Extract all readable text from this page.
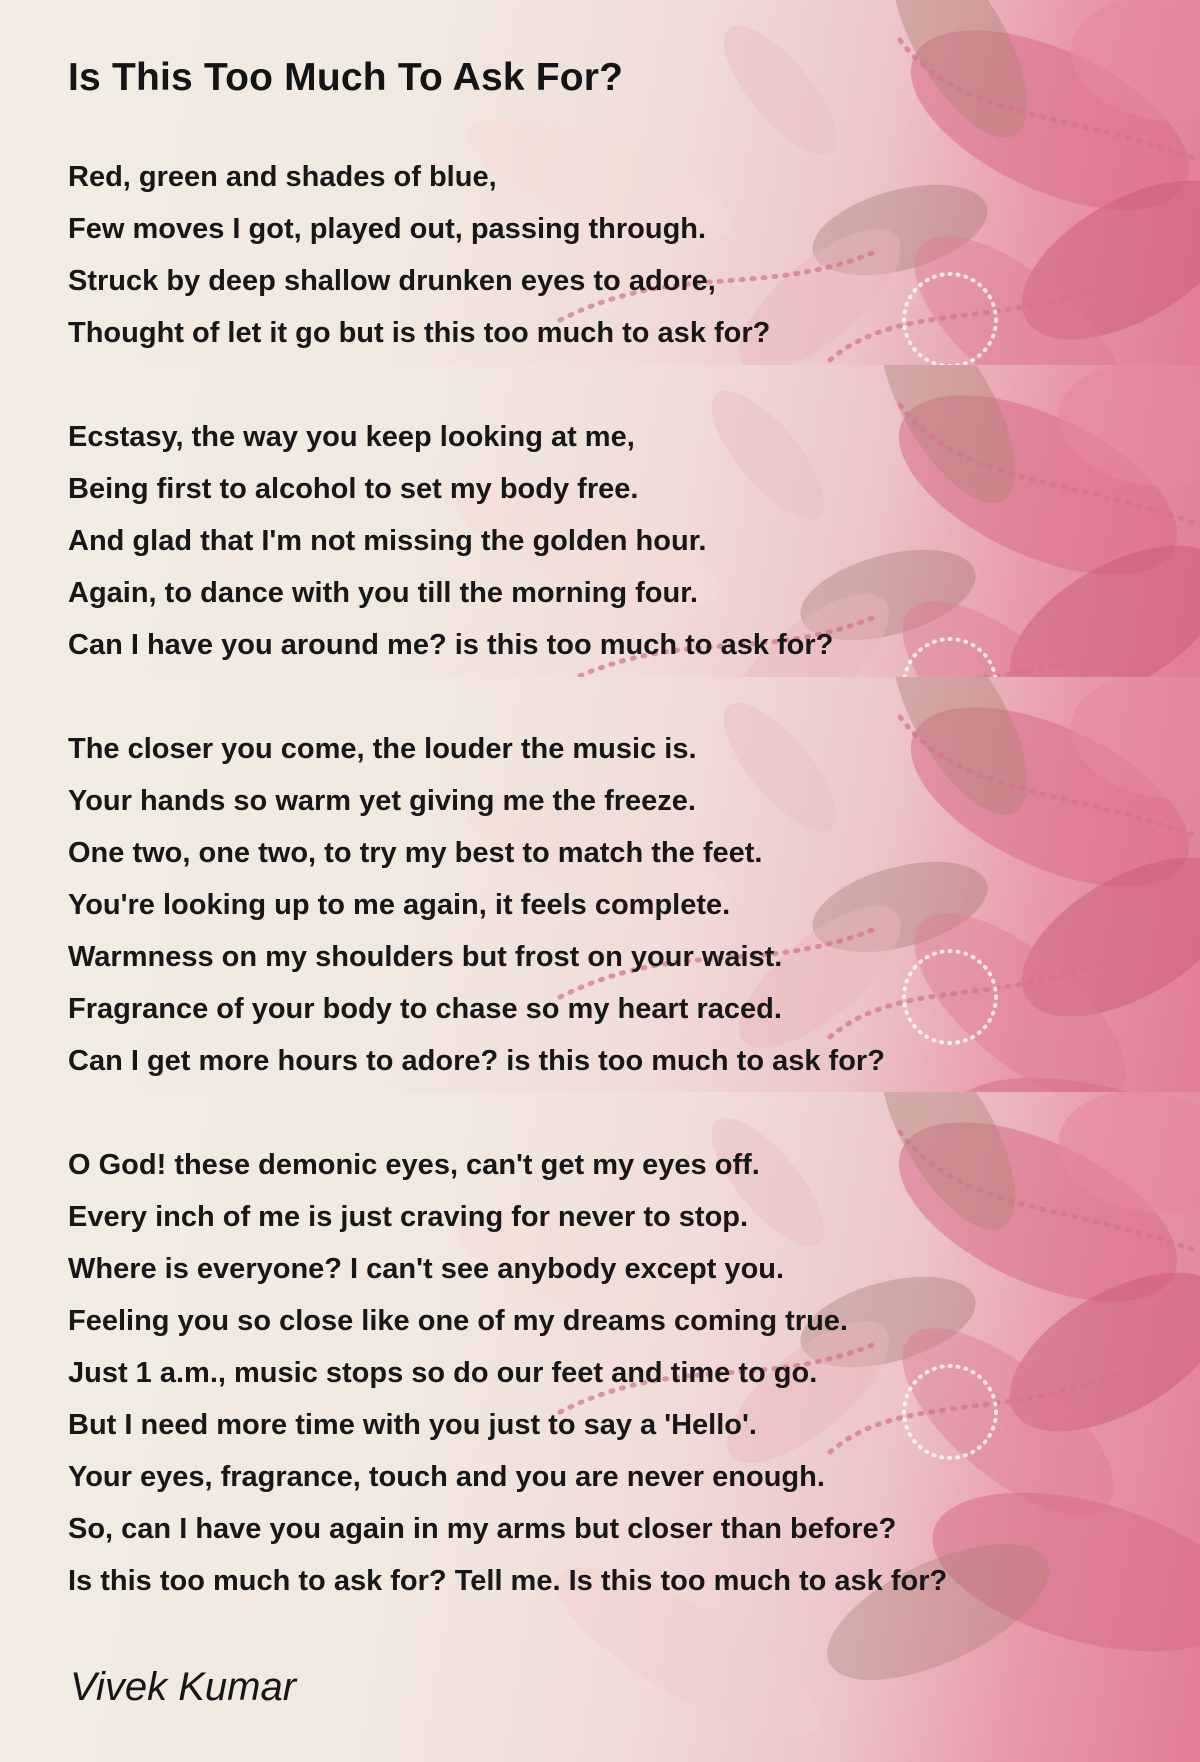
Is This Too Much To Ask For?
Red, green and shades of blue,
Few moves I got, played out, passing through.
Struck by deep shallow drunken eyes to adore,
Thought of let it go but is this too much to ask for?
Ecstasy, the way you keep looking at me,
Being first to alcohol to set my body free.
And glad that I'm not missing the golden hour.
Again, to dance with you till the morning four.
Can I have you around me? is this too much to ask for?
The closer you come, the louder the music is.
Your hands so warm yet giving me the freeze.
One two, one two, to try my best to match the feet.
You're looking up to me again, it feels complete.
Warmness on my shoulders but frost on your waist.
Fragrance of your body to chase so my heart raced.
Can I get more hours to adore? is this too much to ask for?
O God! these demonic eyes, can't get my eyes off.
Every inch of me is just craving for never to stop.
Where is everyone? I can't see anybody except you.
Feeling you so close like one of my dreams coming true.
Just 1 a.m., music stops so do our feet and time to go.
But I need more time with you just to say a 'Hello'.
Your eyes, fragrance, touch and you are never enough.
So, can I have you again in my arms but closer than before?
Is this too much to ask for? Tell me. Is this too much to ask for?
Vivek Kumar
